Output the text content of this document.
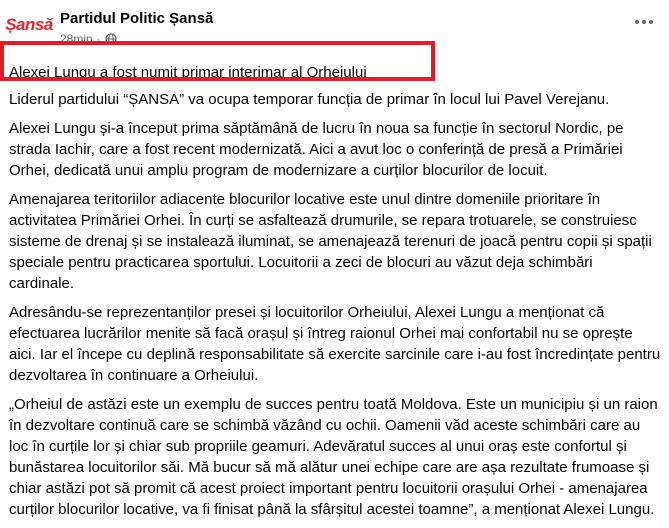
Șansă Partidul Politic Șansă
28min ·
Alexei Lungu a fost numit primar interimar al Orheiului

Liderul partidului “ȘANSA” va ocupa temporar funcția de primar în locul lui Pavel Verejanu.

Alexei Lungu și-a început prima săptămână de lucru în noua sa funcție în sectorul Nordic, pe strada Iachir, care a fost recent modernizată. Aici a avut loc o conferință de presă a Primăriei Orhei, dedicată unui amplu program de modernizare a curților blocurilor de locuit.

Amenajarea teritoriilor adiacente blocurilor locative este unul dintre domeniile prioritare în activitatea Primăriei Orhei. În curți se asfaltează drumurile, se repara trotuarele, se construiesc sisteme de drenaj și se instalează iluminat, se amenajează terenuri de joacă pentru copii și spații speciale pentru practicarea sportului. Locuitorii a zeci de blocuri au văzut deja schimbări cardinale.

Adresându-se reprezentanților presei și locuitorilor Orheiului, Alexei Lungu a menționat că efectuarea lucrărilor menite să facă orașul și întreg raionul Orhei mai confortabil nu se oprește aici. Iar el începe cu deplină responsabilitate să exercite sarcinile care i-au fost încredințate pentru dezvoltarea în continuare a Orheiului.

„Orheiul de astăzi este un exemplu de succes pentru toată Moldova. Este un municipiu și un raion în dezvoltare continuă care se schimbă văzând cu ochii. Oamenii văd aceste schimbări care au loc în curțile lor și chiar sub propriile geamuri. Adevăratul succes al unui oraș este confortul și bunăstarea locuitorilor săi. Mă bucur să mă alătur unei echipe care are așa rezultate frumoase și chiar astăzi pot să promit că acest proiect important pentru locuitorii orașului Orhei - amenajarea curților blocurilor locative, va fi finisat până la sfârșitul acestei toamne”, a menționat Alexei Lungu.
